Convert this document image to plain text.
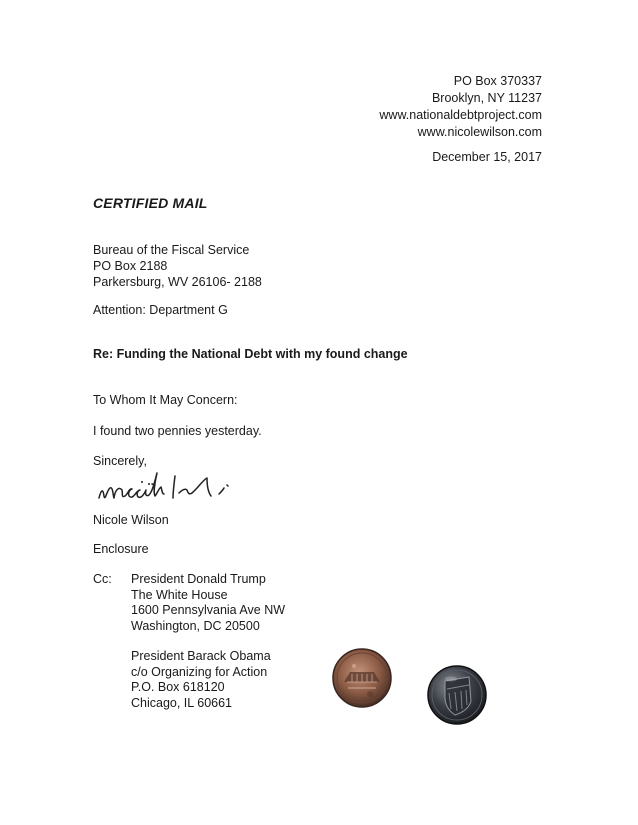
PO Box 370337
Brooklyn, NY 11237
www.nationaldebtproject.com
www.nicolewilson.com
December 15, 2017
CERTIFIED MAIL
Bureau of the Fiscal Service
PO Box 2188
Parkersburg, WV 26106- 2188
Attention: Department G
Re: Funding the National Debt with my found change
To Whom It May Concern:
I found two pennies yesterday.
Sincerely,
Nicole Wilson
Enclosure
Cc: President Donald Trump
The White House
1600 Pennsylvania Ave NW
Washington, DC 20500
President Barack Obama
c/o Organizing for Action
P.O. Box 618120
Chicago, IL 60661
